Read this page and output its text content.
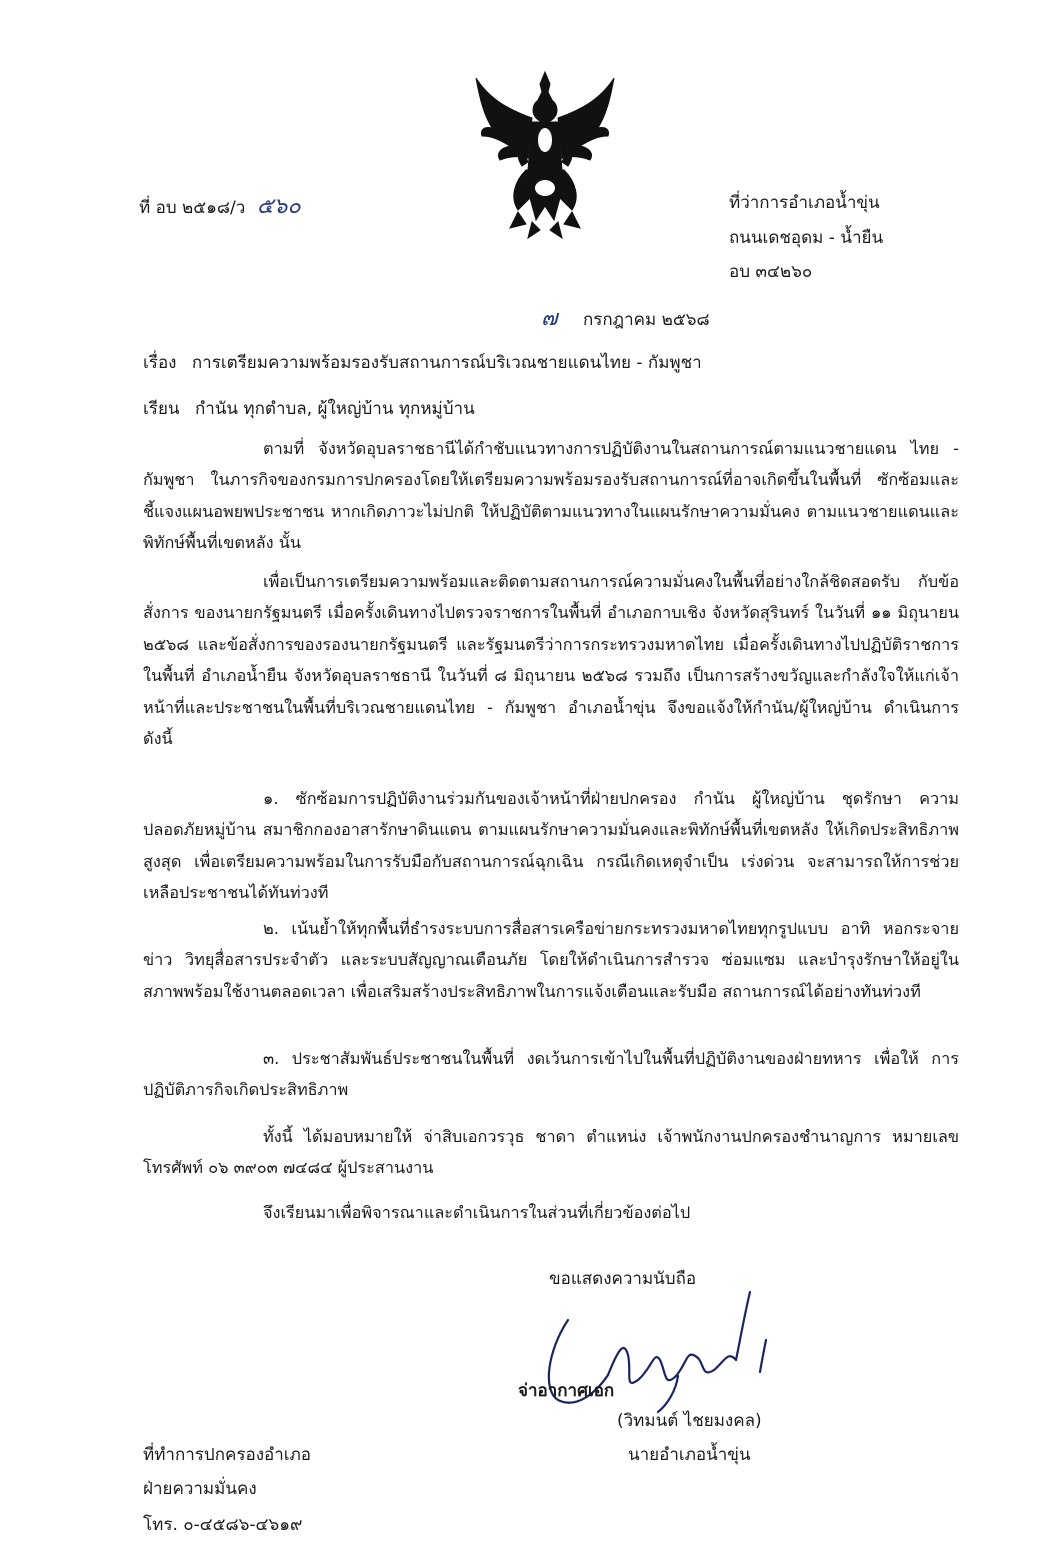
ที่ อบ ๒๕๑๘/ว ๕๖๐	ที่ว่าการอำเภอน้ำขุ่น
ถนนเดชอุดม - น้ำยืน
อบ ๓๔๒๖๐
๗ กรกฎาคม ๒๕๖๘
เรื่อง การเตรียมความพร้อมรองรับสถานการณ์บริเวณชายแดนไทย - กัมพูชา
เรียน กำนัน ทุกตำบล, ผู้ใหญ่บ้าน ทุกหมู่บ้าน
ตามที่ จังหวัดอุบลราชธานีได้กำชับแนวทางการปฏิบัติงานในสถานการณ์ตามแนวชายแดน ไทย - กัมพูชา ในภารกิจของกรมการปกครองโดยให้เตรียมความพร้อมรองรับสถานการณ์ที่อาจเกิดขึ้นในพื้นที่ ซักซ้อมและชี้แจงแผนอพยพประชาชน หากเกิดภาวะไม่ปกติ ให้ปฏิบัติตามแนวทางในแผนรักษาความมั่นคง ตามแนวชายแดนและพิทักษ์พื้นที่เขตหลัง นั้น
เพื่อเป็นการเตรียมความพร้อมและติดตามสถานการณ์ความมั่นคงในพื้นที่อย่างใกล้ชิดสอดรับ กับข้อสั่งการ ของนายกรัฐมนตรี เมื่อครั้งเดินทางไปตรวจราชการในพื้นที่ อำเภอกาบเชิง จังหวัดสุรินทร์ ในวันที่ ๑๑ มิถุนายน ๒๕๖๘ และข้อสั่งการของรองนายกรัฐมนตรี และรัฐมนตรีว่าการกระทรวงมหาดไทย เมื่อครั้งเดินทางไปปฏิบัติราชการในพื้นที่ อำเภอน้ำยืน จังหวัดอุบลราชธานี ในวันที่ ๘ มิถุนายน ๒๕๖๘ รวมถึง เป็นการสร้างขวัญและกำลังใจให้แก่เจ้าหน้าที่และประชาชนในพื้นที่บริเวณชายแดนไทย - กัมพูชา อำเภอน้ำขุ่น จึงขอแจ้งให้กำนัน/ผู้ใหญ่บ้าน ดำเนินการ ดังนี้
๑. ซักซ้อมการปฏิบัติงานร่วมกันของเจ้าหน้าที่ฝ่ายปกครอง กำนัน ผู้ใหญ่บ้าน ชุดรักษา ความปลอดภัยหมู่บ้าน สมาชิกกองอาสารักษาดินแดน ตามแผนรักษาความมั่นคงและพิทักษ์พื้นที่เขตหลัง ให้เกิดประสิทธิภาพสูงสุด เพื่อเตรียมความพร้อมในการรับมือกับสถานการณ์ฉุกเฉิน กรณีเกิดเหตุจำเป็น เร่งด่วน จะสามารถให้การช่วยเหลือประชาชนได้ทันท่วงที
๒. เน้นย้ำให้ทุกพื้นที่ธำรงระบบการสื่อสารเครือข่ายกระทรวงมหาดไทยทุกรูปแบบ อาทิ หอกระจายข่าว วิทยุสื่อสารประจำตัว และระบบสัญญาณเตือนภัย โดยให้ดำเนินการสำรวจ ซ่อมแซม และบำรุงรักษาให้อยู่ในสภาพพร้อมใช้งานตลอดเวลา เพื่อเสริมสร้างประสิทธิภาพในการแจ้งเตือนและรับมือ สถานการณ์ได้อย่างทันท่วงที
๓. ประชาสัมพันธ์ประชาชนในพื้นที่ งดเว้นการเข้าไปในพื้นที่ปฏิบัติงานของฝ่ายทหาร เพื่อให้ การปฏิบัติภารกิจเกิดประสิทธิภาพ
ทั้งนี้ ได้มอบหมายให้ จ่าสิบเอกวรวุธ ชาดา ตำแหน่ง เจ้าพนักงานปกครองชำนาญการ หมายเลขโทรศัพท์ ๐๖ ๓๙๐๓ ๗๔๘๔ ผู้ประสานงาน
จึงเรียนมาเพื่อพิจารณาและดำเนินการในส่วนที่เกี่ยวข้องต่อไป
ขอแสดงความนับถือ
จ่าอากาศเอก
(วิทมนต์ ไชยมงคล)
นายอำเภอน้ำขุ่น
ที่ทำการปกครองอำเภอ
ฝ่ายความมั่นคง
โทร. ๐-๔๕๘๖-๔๖๑๙
